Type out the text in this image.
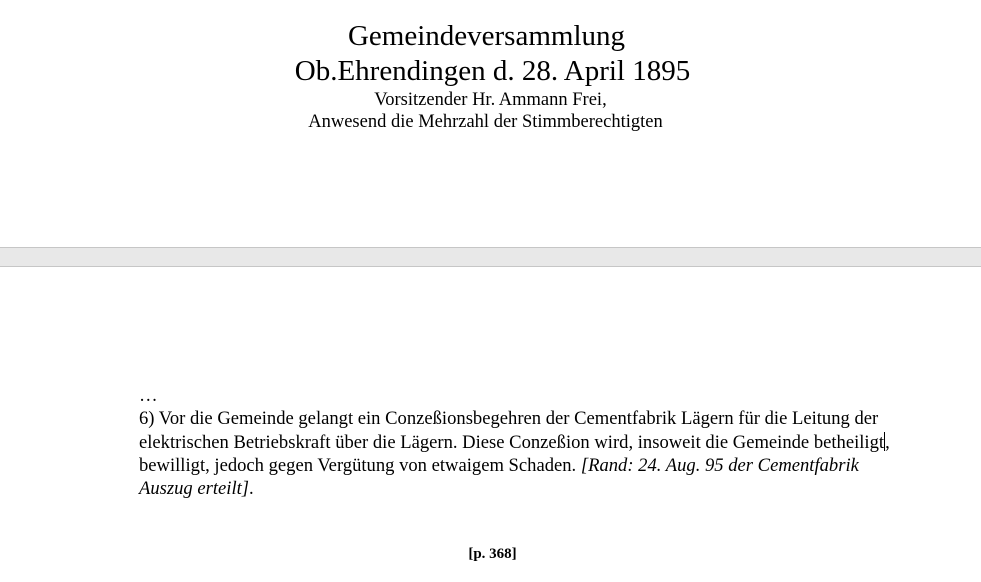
Gemeindeversammlung
Ob.Ehrendingen d. 28. April 1895
Vorsitzender Hr. Ammann Frei,
Anwesend die Mehrzahl der Stimmberechtigten

…

6) Vor die Gemeinde gelangt ein Conzeßionsbegehren der Cementfabrik Lägern für die Leitung der elektrischen Betriebskraft über die Lägern. Diese Conzeßion wird, insoweit die Gemeinde betheiligt, bewilligt, jedoch gegen Vergütung von etwaigem Schaden. [Rand: 24. Aug. 95 der Cementfabrik Auszug erteilt].

[p. 368]
